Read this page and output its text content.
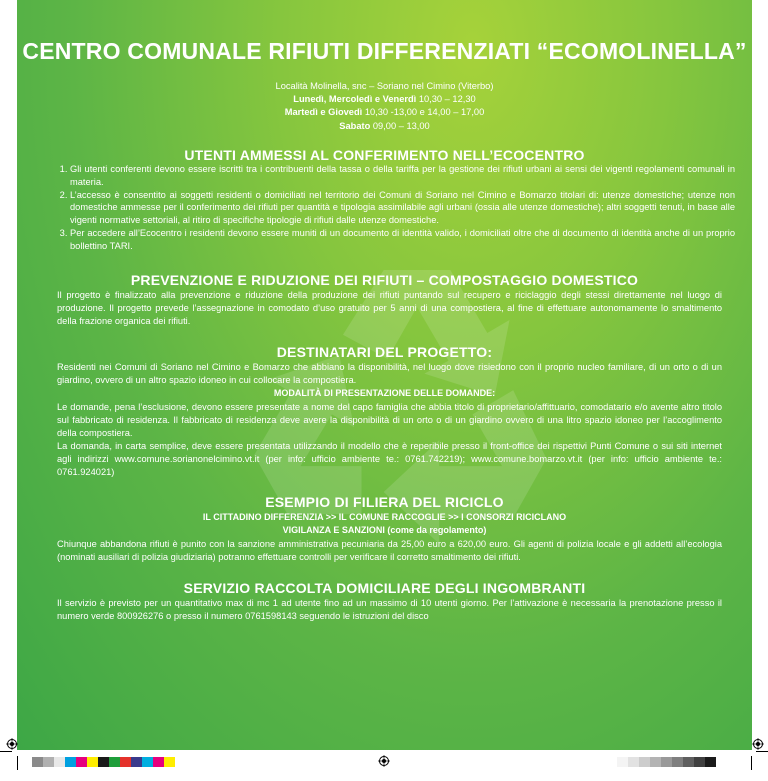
CENTRO COMUNALE RIFIUTI DIFFERENZIATI “ECOMOLINELLA”
Località Molinella, snc – Soriano nel Cimino (Viterbo)
Lunedì, Mercoledì e Venerdì 10,30 – 12,30
Martedì e Giovedì 10,30 -13,00 e 14,00 – 17,00
Sabato 09,00 – 13,00
UTENTI AMMESSI AL CONFERIMENTO NELL’ECOCENTRO
1. Gli utenti conferenti devono essere iscritti tra i contribuenti della tassa o della tariffa per la gestione dei rifiuti urbani ai sensi dei vigenti regolamenti comunali in materia.
2. L’accesso è consentito ai soggetti residenti o domiciliati nel territorio dei Comuni di Soriano nel Cimino e Bomarzo titolari di: utenze domestiche; utenze non domestiche ammesse per il conferimento dei rifiuti per quantità e tipologia assimilabile agli urbani (ossia alle utenze domestiche); altri soggetti tenuti, in base alle vigenti normative settoriali, al ritiro di specifiche tipologie di rifiuti dalle utenze domestiche.
3. Per accedere all’Ecocentro i residenti devono essere muniti di un documento di identità valido, i domiciliati oltre che di documento di identità anche di un proprio bollettino TARI.
PREVENZIONE E RIDUZIONE DEI RIFIUTI – COMPOSTAGGIO DOMESTICO
Il progetto è finalizzato alla prevenzione e riduzione della produzione dei rifiuti puntando sul recupero e riciclaggio degli stessi direttamente nel luogo di produzione. Il progetto prevede l’assegnazione in comodato d’uso gratuito per 5 anni di una compostiera, al fine di effettuare autonomamente lo smaltimento della frazione organica dei rifiuti.
DESTINATARI DEL PROGETTO:
Residenti nei Comuni di Soriano nel Cimino e Bomarzo che abbiano la disponibilità, nel luogo dove risiedono con il proprio nucleo familiare, di un orto o di un giardino, ovvero di un altro spazio idoneo in cui collocare la compostiera.
MODALITÀ DI PRESENTAZIONE DELLE DOMANDE:
Le domande, pena l’esclusione, devono essere presentate a nome del capo famiglia che abbia titolo di proprietario/affittuario, comodatario e/o avente altro titolo sul fabbricato di residenza. Il fabbricato di residenza deve avere la disponibilità di un orto o di un giardino ovvero di una litro spazio idoneo per l’accoglimento della compostiera.
La domanda, in carta semplice, deve essere presentata utilizzando il modello che è reperibile presso il front-office dei rispettivi Punti Comune o sui siti internet agli indirizzi www.comune.sorianonelcimino.vt.it (per info: ufficio ambiente te.: 0761.742219); www.comune.bomarzo.vt.it (per info: ufficio ambiente te.: 0761.924021)
ESEMPIO DI FILIERA DEL RICICLO
IL CITTADINO DIFFERENZIA >> IL COMUNE RACCOGLIE >> I CONSORZI RICICLANO
VIGILANZA E SANZIONI (come da regolamento)
Chiunque abbandona rifiuti è punito con la sanzione amministrativa pecuniaria da 25,00 euro a 620,00 euro. Gli agenti di polizia locale e gli addetti all’ecologia (nominati ausiliari di polizia giudiziaria) potranno effettuare controlli per verificare il corretto smaltimento dei rifiuti.
SERVIZIO RACCOLTA DOMICILIARE DEGLI INGOMBRANTI
Il servizio è previsto per un quantitativo max di mc 1 ad utente fino ad un massimo di 10 utenti giorno. Per l’attivazione è necessaria la prenotazione presso il numero verde 800926276 o presso il numero 0761598143 seguendo le istruzioni del disco
